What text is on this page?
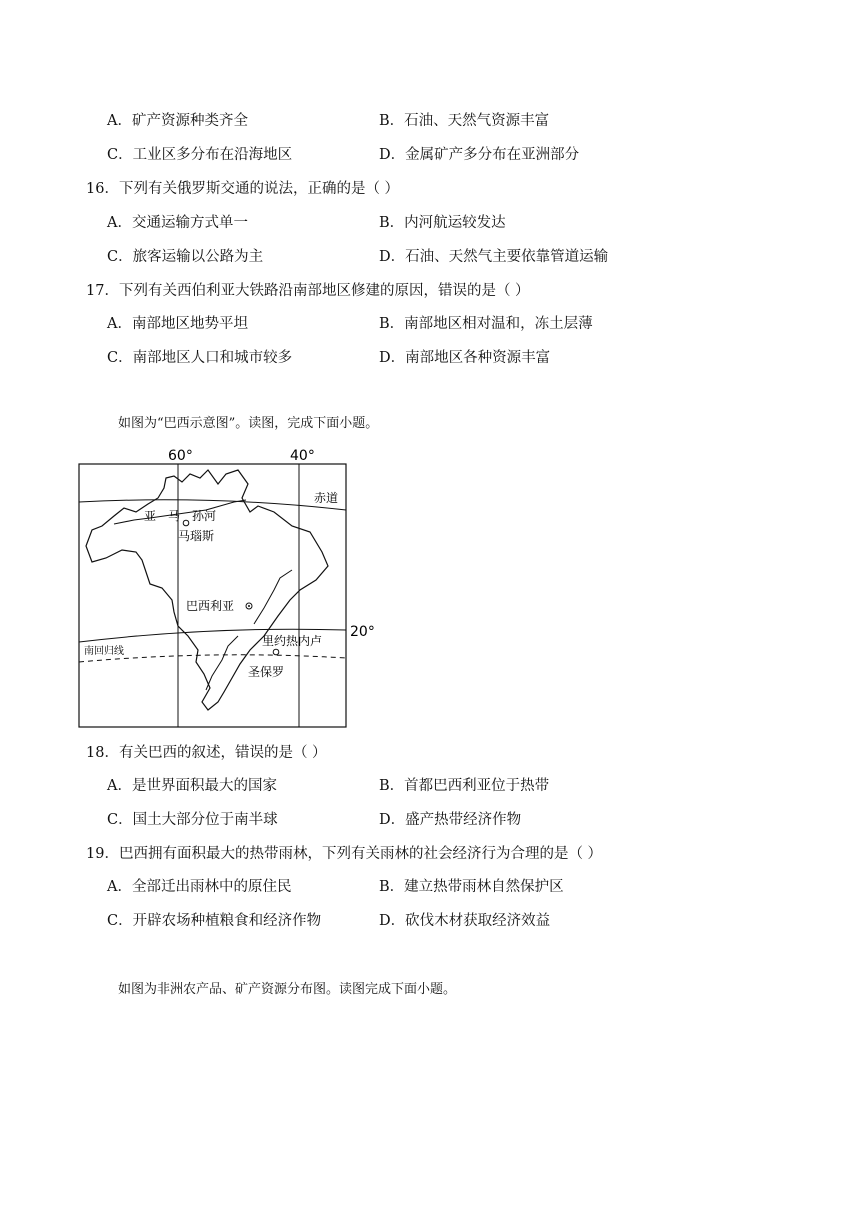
A．矿产资源种类齐全	B．石油、天然气资源丰富
C．工业区多分布在沿海地区	D．金属矿产多分布在亚洲部分
16．下列有关俄罗斯交通的说法，正确的是（ ）
A．交通运输方式单一	B．内河航运较发达
C．旅客运输以公路为主	D．石油、天然气主要依靠管道运输
17．下列有关西伯利亚大铁路沿南部地区修建的原因，错误的是（ ）
A．南部地区地势平坦	B．南部地区相对温和，冻土层薄
C．南部地区人口和城市较多	D．南部地区各种资源丰富
如图为“巴西示意图”。读图，完成下面小题。
60°	40°
20°
赤道
南回归线
亚　马　孙河
马瑙斯
巴西利亚
里约热内卢
圣保罗
18．有关巴西的叙述，错误的是（ ）
A．是世界面积最大的国家	B．首都巴西利亚位于热带
C．国土大部分位于南半球	D．盛产热带经济作物
19．巴西拥有面积最大的热带雨林，下列有关雨林的社会经济行为合理的是（ ）
A．全部迁出雨林中的原住民	B．建立热带雨林自然保护区
C．开辟农场种植粮食和经济作物	D．砍伐木材获取经济效益
如图为非洲农产品、矿产资源分布图。读图完成下面小题。
